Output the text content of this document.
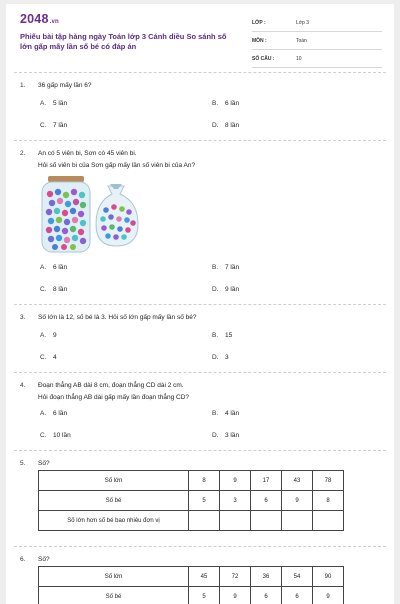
2048.vn
Phiếu bài tập hàng ngày Toán lớp 3 Cánh diều So sánh số lớn gấp mấy lần số bé có đáp án
LỚP :	Lớp 3
MÔN :	Toán
SỐ CÂU :	10
1. 36 gấp mấy lần 6?
A. 5 lần	B. 6 lần
C. 7 lần	D. 8 lần
2. An có 5 viên bi, Sơn có 45 viên bi.
Hỏi số viên bi của Sơn gấp mấy lần số viên bi của An?
A. 6 lần	B. 7 lần
C. 8 lần	D. 9 lần
3. Số lớn là 12, số bé là 3. Hỏi số lớn gấp mấy lần số bé?
A. 9	B. 15
C. 4	D. 3
4. Đoạn thẳng AB dài 8 cm, đoạn thẳng CD dài 2 cm.
Hỏi đoạn thẳng AB dài gấp mấy lần đoạn thẳng CD?
A. 6 lần	B. 4 lần
C. 10 lần	D. 3 lần
5. Số?
Số lớn	8	9	17	43	78
Số bé	5	3	6	9	8
Số lớn hơn số bé bao nhiêu đơn vị					
6. Số?
Số lớn	45	72	36	54	90
Số bé	5	9	6	6	9
